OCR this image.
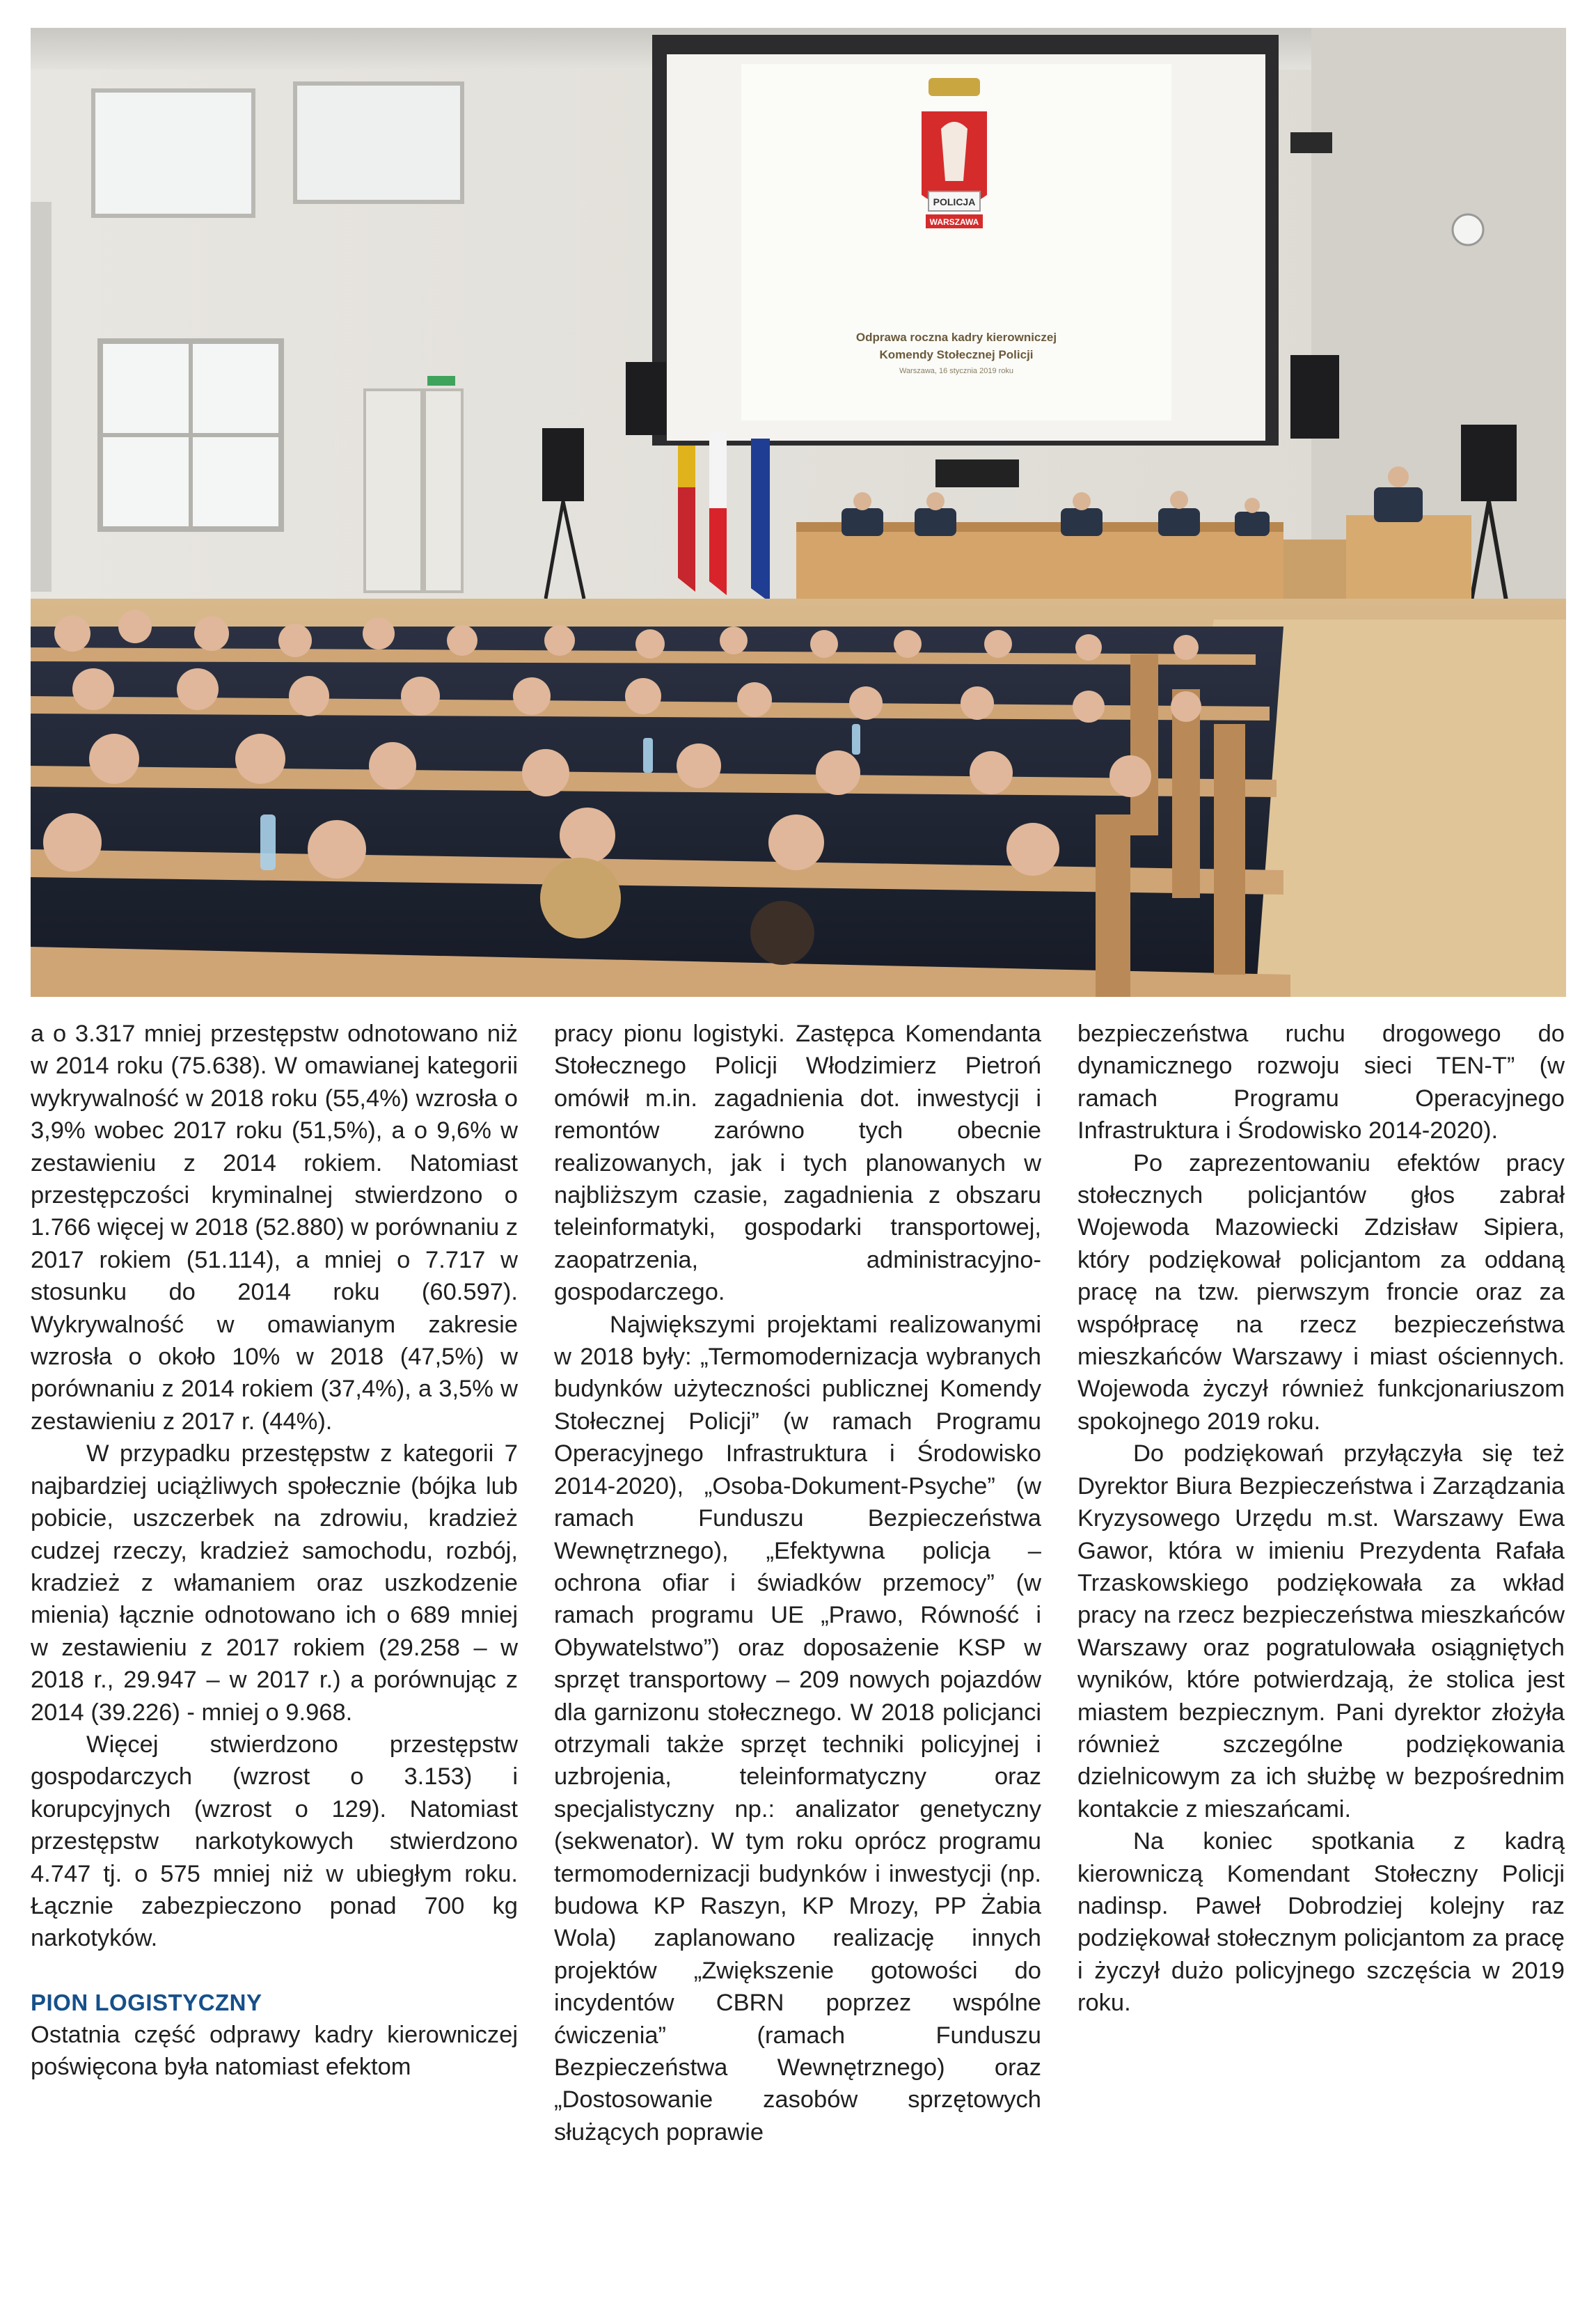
POLICJA
WARSZAWA
Odprawa roczna kadry kierowniczej
Komendy Stołecznej Policji
Warszawa, 16 stycznia 2019 roku

a o 3.317 mniej przestępstw odnotowano niż w 2014 roku (75.638). W omawianej kategorii wykrywalność w 2018 roku (55,4%) wzrosła o 3,9% wobec 2017 roku (51,5%), a o 9,6% w zestawieniu z 2014 rokiem. Natomiast przestępczości kryminalnej stwierdzono o 1.766 więcej w 2018 (52.880) w porównaniu z 2017 rokiem (51.114), a mniej o 7.717 w stosunku do 2014 roku (60.597). Wykrywalność w omawianym zakresie wzrosła o około 10% w 2018 (47,5%) w porównaniu z 2014 rokiem (37,4%), a 3,5% w zestawieniu z 2017 r. (44%).

W przypadku przestępstw z kategorii 7 najbardziej uciążliwych społecznie (bójka lub pobicie, uszczerbek na zdrowiu, kradzież cudzej rzeczy, kradzież samochodu, rozbój, kradzież z włamaniem oraz uszkodzenie mienia) łącznie odnotowano ich o 689 mniej w zestawieniu z 2017 rokiem (29.258 – w 2018 r., 29.947 – w 2017 r.) a porównując z 2014 (39.226) - mniej o 9.968.

Więcej stwierdzono przestępstw gospodarczych (wzrost o 3.153) i korupcyjnych (wzrost o 129). Natomiast przestępstw narkotykowych stwierdzono 4.747 tj. o 575 mniej niż w ubiegłym roku. Łącznie zabezpieczono ponad 700 kg narkotyków.

PION LOGISTYCZNY

Ostatnia część odprawy kadry kierowniczej poświęcona była natomiast efektom

pracy pionu logistyki. Zastępca Komendanta Stołecznego Policji Włodzimierz Pietroń omówił m.in. zagadnienia dot. inwestycji i remontów zarówno tych obecnie realizowanych, jak i tych planowanych w najbliższym czasie, zagadnienia z obszaru teleinformatyki, gospodarki transportowej, zaopatrzenia, administracyjno-gospodarczego.

Największymi projektami realizowanymi w 2018 były: „Termomodernizacja wybranych budynków użyteczności publicznej Komendy Stołecznej Policji” (w ramach Programu Operacyjnego Infrastruktura i Środowisko 2014-2020), „Osoba-Dokument-Psyche” (w ramach Funduszu Bezpieczeństwa Wewnętrznego), „Efektywna policja – ochrona ofiar i świadków przemocy” (w ramach programu UE „Prawo, Równość i Obywatelstwo”) oraz doposażenie KSP w sprzęt transportowy – 209 nowych pojazdów dla garnizonu stołecznego. W 2018 policjanci otrzymali także sprzęt techniki policyjnej i uzbrojenia, teleinformatyczny oraz specjalistyczny np.: analizator genetyczny (sekwenator). W tym roku oprócz programu termomodernizacji budynków i inwestycji (np. budowa KP Raszyn, KP Mrozy, PP Żabia Wola) zaplanowano realizację innych projektów „Zwiększenie gotowości do incydentów CBRN poprzez wspólne ćwiczenia” (ramach Funduszu Bezpieczeństwa Wewnętrznego) oraz „Dostosowanie zasobów sprzętowych służących poprawie

bezpieczeństwa ruchu drogowego do dynamicznego rozwoju sieci TEN-T” (w ramach Programu Operacyjnego Infrastruktura i Środowisko 2014-2020).

Po zaprezentowaniu efektów pracy stołecznych policjantów głos zabrał Wojewoda Mazowiecki Zdzisław Sipiera, który podziękował policjantom za oddaną pracę na tzw. pierwszym froncie oraz za współpracę na rzecz bezpieczeństwa mieszkańców Warszawy i miast ościennych. Wojewoda życzył również funkcjonariuszom spokojnego 2019 roku.

Do podziękowań przyłączyła się też Dyrektor Biura Bezpieczeństwa i Zarządzania Kryzysowego Urzędu m.st. Warszawy Ewa Gawor, która w imieniu Prezydenta Rafała Trzaskowskiego podziękowała za wkład pracy na rzecz bezpieczeństwa mieszkańców Warszawy oraz pogratulowała osiągniętych wyników, które potwierdzają, że stolica jest miastem bezpiecznym. Pani dyrektor złożyła również szczególne podziękowania dzielnicowym za ich służbę w bezpośrednim kontakcie z mieszańcami.

Na koniec spotkania z kadrą kierowniczą Komendant Stołeczny Policji nadinsp. Paweł Dobrodziej kolejny raz podziękował stołecznym policjantom za pracę i życzył dużo policyjnego szczęścia w 2019 roku.
